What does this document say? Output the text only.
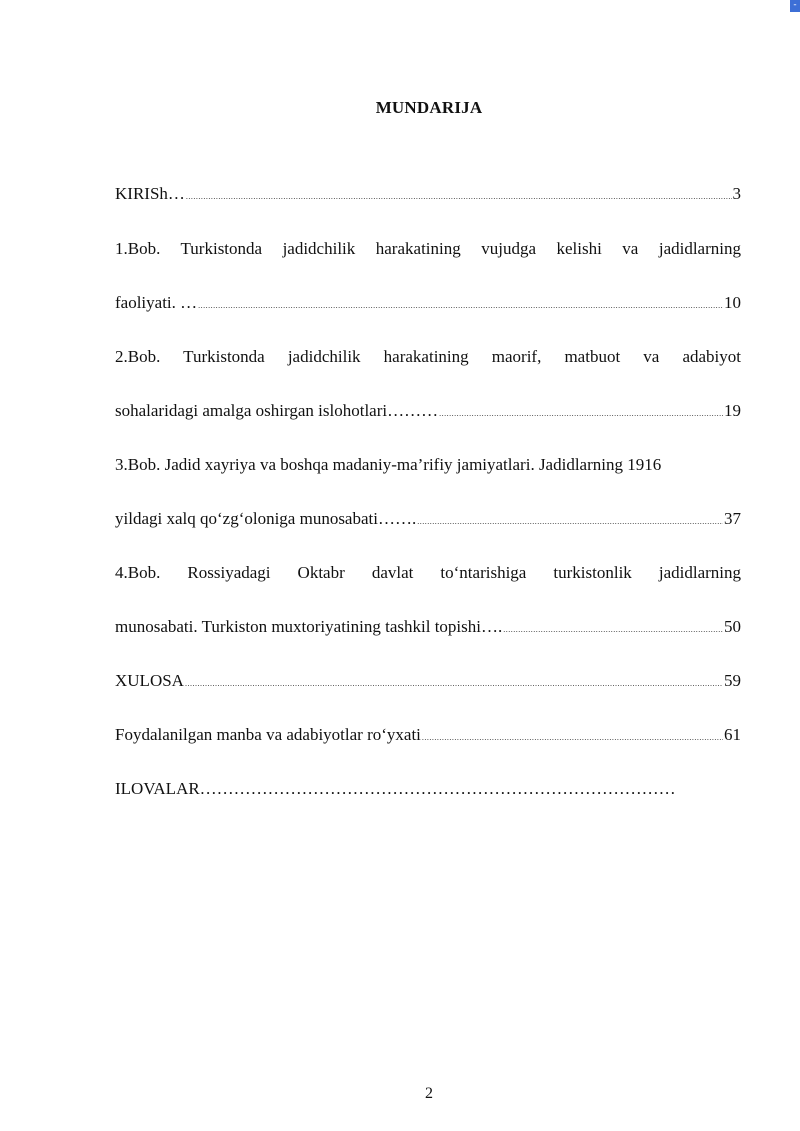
-
MUNDARIJA
KIRISh… .....	3
1.Bob. Turkistonda jadidchilik harakatining vujudga kelishi va jadidlarning
faoliyati. … .....	10
2.Bob. Turkistonda jadidchilik harakatining maorif, matbuot va adabiyot
sohalaridagi amalga oshirgan islohotlari……… .....	19
3.Bob. Jadid xayriya va boshqa madaniy-ma’rifiy jamiyatlari. Jadidlarning 1916
yildagi xalq qo‘zg‘oloniga munosabati……. .....	37
4.Bob. Rossiyadagi Oktabr davlat to‘ntarishiga turkistonlik jadidlarning
munosabati. Turkiston muxtoriyatining tashkil topishi…. .....	50
XULOSA .....	59
Foydalanilgan manba va adabiyotlar ro‘yxati .....	61
ILOVALAR…………………………………………………………………………
2
